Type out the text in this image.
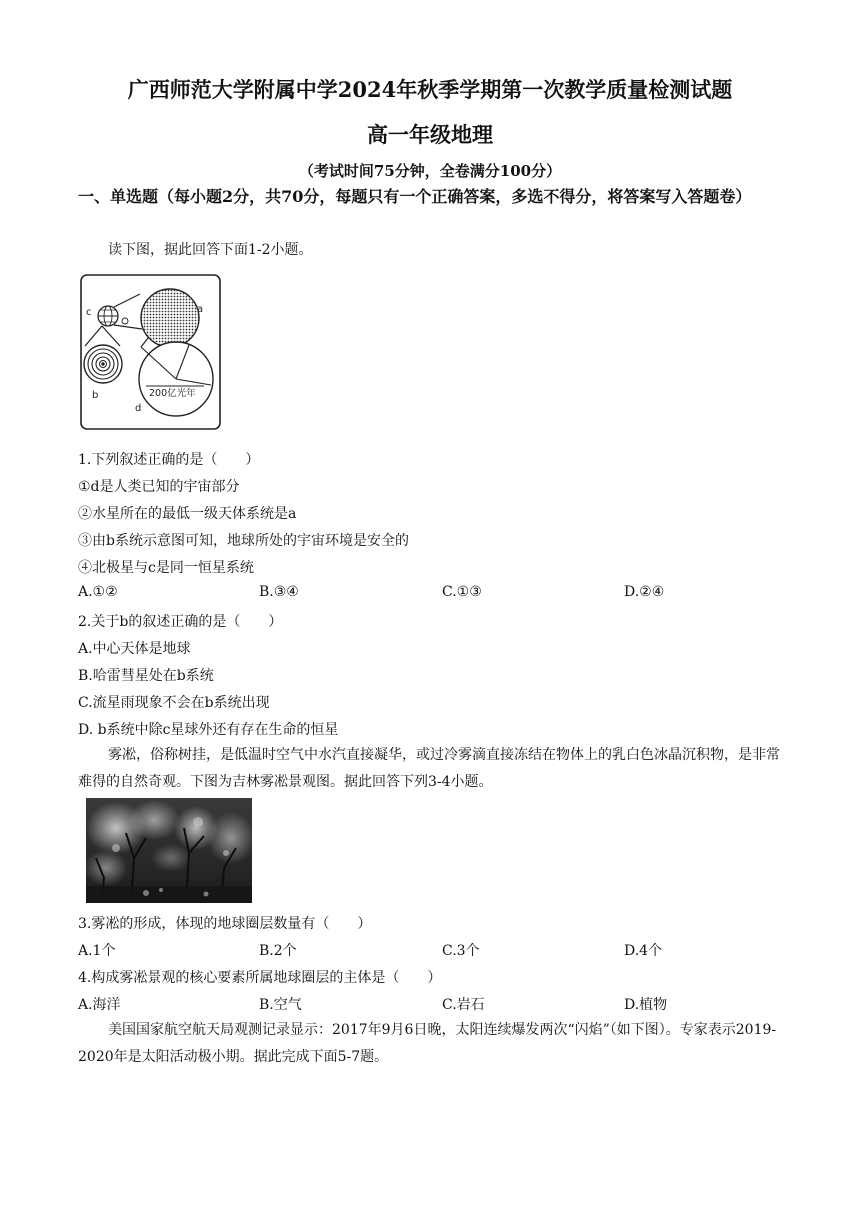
广西师范大学附属中学2024年秋季学期第一次教学质量检测试题
高一年级地理
（考试时间75分钟，全卷满分100分）
一、单选题（每小题2分，共70分，每题只有一个正确答案，多选不得分，将答案写入答题卷）
读下图，据此回答下面1-2小题。
a
c
b
d
200亿光年
1.下列叙述正确的是（　　）
①d是人类已知的宇宙部分
②水星所在的最低一级天体系统是a
③由b系统示意图可知，地球所处的宇宙环境是安全的
④北极星与c是同一恒星系统
A.①②	B.③④	C.①③	D.②④
2.关于b的叙述正确的是（　　）
A.中心天体是地球
B.哈雷彗星处在b系统
C.流星雨现象不会在b系统出现
D. b系统中除c星球外还有存在生命的恒星
雾凇，俗称树挂，是低温时空气中水汽直接凝华，或过冷雾滴直接冻结在物体上的乳白色冰晶沉积物，是非常难得的自然奇观。下图为吉林雾凇景观图。据此回答下列3-4小题。
3.雾凇的形成，体现的地球圈层数量有（　　）
A.1个	B.2个	C.3个	D.4个
4.构成雾凇景观的核心要素所属地球圈层的主体是（　　）
A.海洋	B.空气	C.岩石	D.植物
美国国家航空航天局观测记录显示：2017年9月6日晚，太阳连续爆发两次“闪焰”（如下图）。专家表示2019-2020年是太阳活动极小期。据此完成下面5-7题。
